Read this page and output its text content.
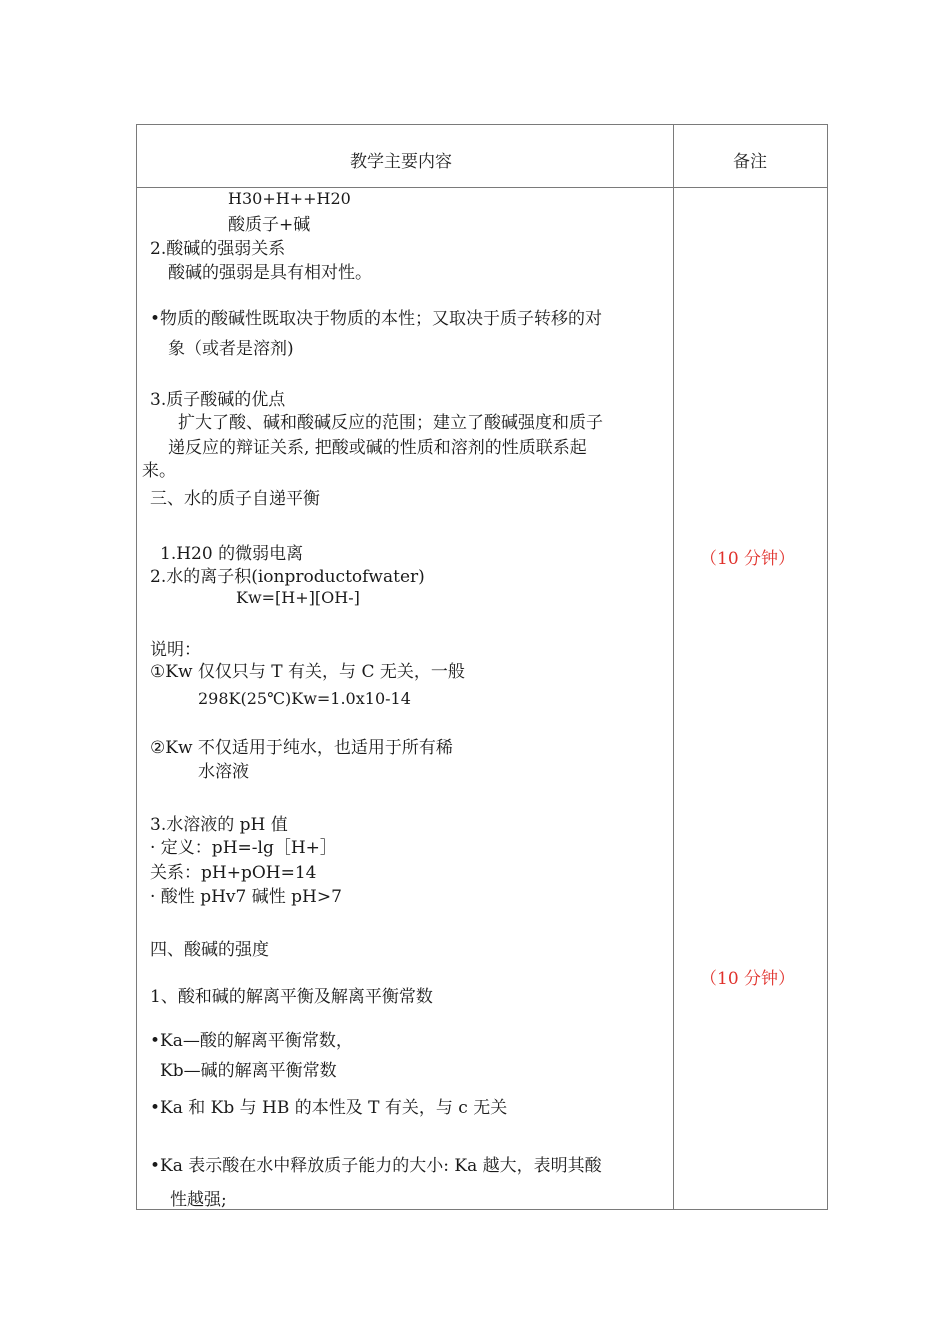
教学主要内容	备注
H30+H++H20
酸质子+碱
2.酸碱的强弱关系
酸碱的强弱是具有相对性。
• 物质的酸碱性既取决于物质的本性；又取决于质子转移的对
象（或者是溶剂)
3.质子酸碱的优点
扩大了酸、碱和酸碱反应的范围；建立了酸碱强度和质子
递反应的辩证关系, 把酸或碱的性质和溶剂的性质联系起
来。
三、水的质子自递平衡
1.H20 的微弱电离
2.水的离子积(ionproductofwater)
Kw=[H+][OH-]
说明：
①Kw 仅仅只与 T 有关，与 C 无关，一般
298K(25℃)Kw=1.0x10-14
②Kw 不仅适用于纯水，也适用于所有稀
水溶液
3.水溶液的 pH 值
· 定义：pH=-lg［H+］
关系：pH+pOH=14
· 酸性 pHv7 碱性 pH>7
四、酸碱的强度
1、酸和碱的解离平衡及解离平衡常数
• Ka—酸的解离平衡常数，
Kb—碱的解离平衡常数
• Ka 和 Kb 与 HB 的本性及 T 有关，与 c 无关
• Ka 表示酸在水中释放质子能力的大小: Ka 越大，表明其酸
性越强;
（10 分钟）
（10 分钟）
